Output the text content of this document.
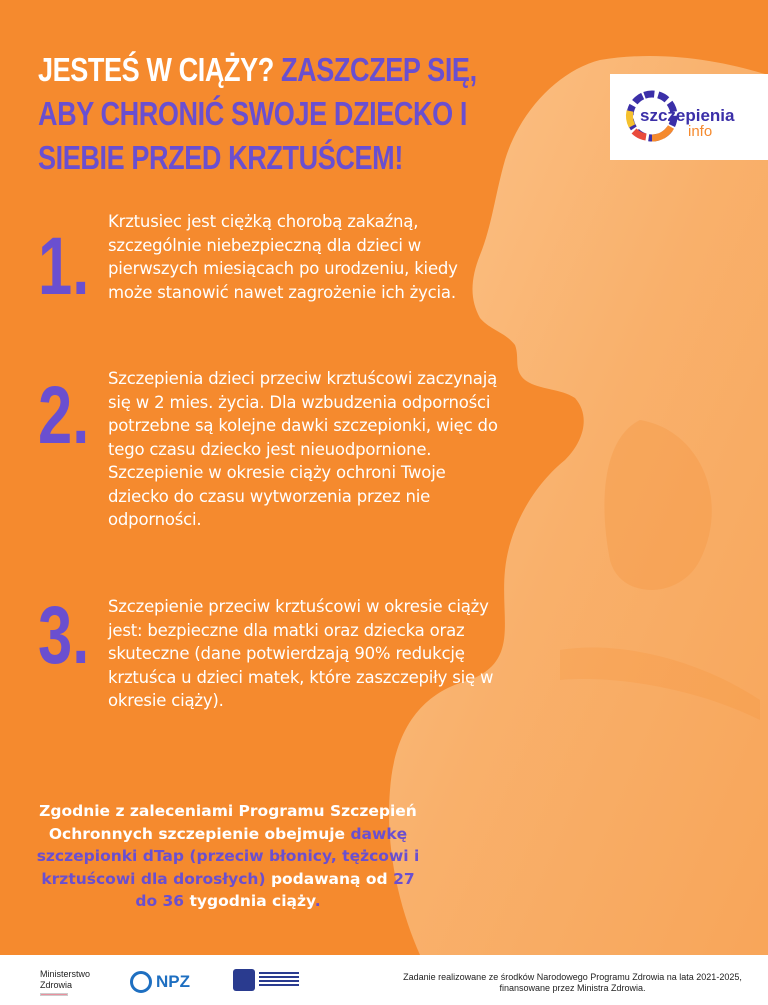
JESTEŚ W CIĄŻY? ZASZCZEP SIĘ, ABY CHRONIĆ SWOJE DZIECKO I SIEBIE PRZED KRZTUŚCEM!
szczepienia
info
1. Krztusiec jest ciężką chorobą zakaźną, szczególnie niebezpieczną dla dzieci w pierwszych miesiącach po urodzeniu, kiedy może stanowić nawet zagrożenie ich życia.
2. Szczepienia dzieci przeciw krztuścowi zaczynają się w 2 mies. życia. Dla wzbudzenia odporności potrzebne są kolejne dawki szczepionki, więc do tego czasu dziecko jest nieuodpornione. Szczepienie w okresie ciąży ochroni Twoje dziecko do czasu wytworzenia przez nie odporności.
3. Szczepienie przeciw krztuścowi w okresie ciąży jest: bezpieczne dla matki oraz dziecka oraz skuteczne (dane potwierdzają 90% redukcję krztuśca u dzieci matek, które zaszczepiły się w okresie ciąży).
Zgodnie z zaleceniami Programu Szczepień Ochronnych szczepienie obejmuje dawkę szczepionki dTap (przeciw błonicy, tężcowi i krztuścowi dla dorosłych) podawaną od 27 do 36 tygodnia ciąży.
Ministerstwo
Zdrowia	NPZ	Zadanie realizowane ze środków Narodowego Programu Zdrowia na lata 2021-2025,
finansowane przez Ministra Zdrowia.
